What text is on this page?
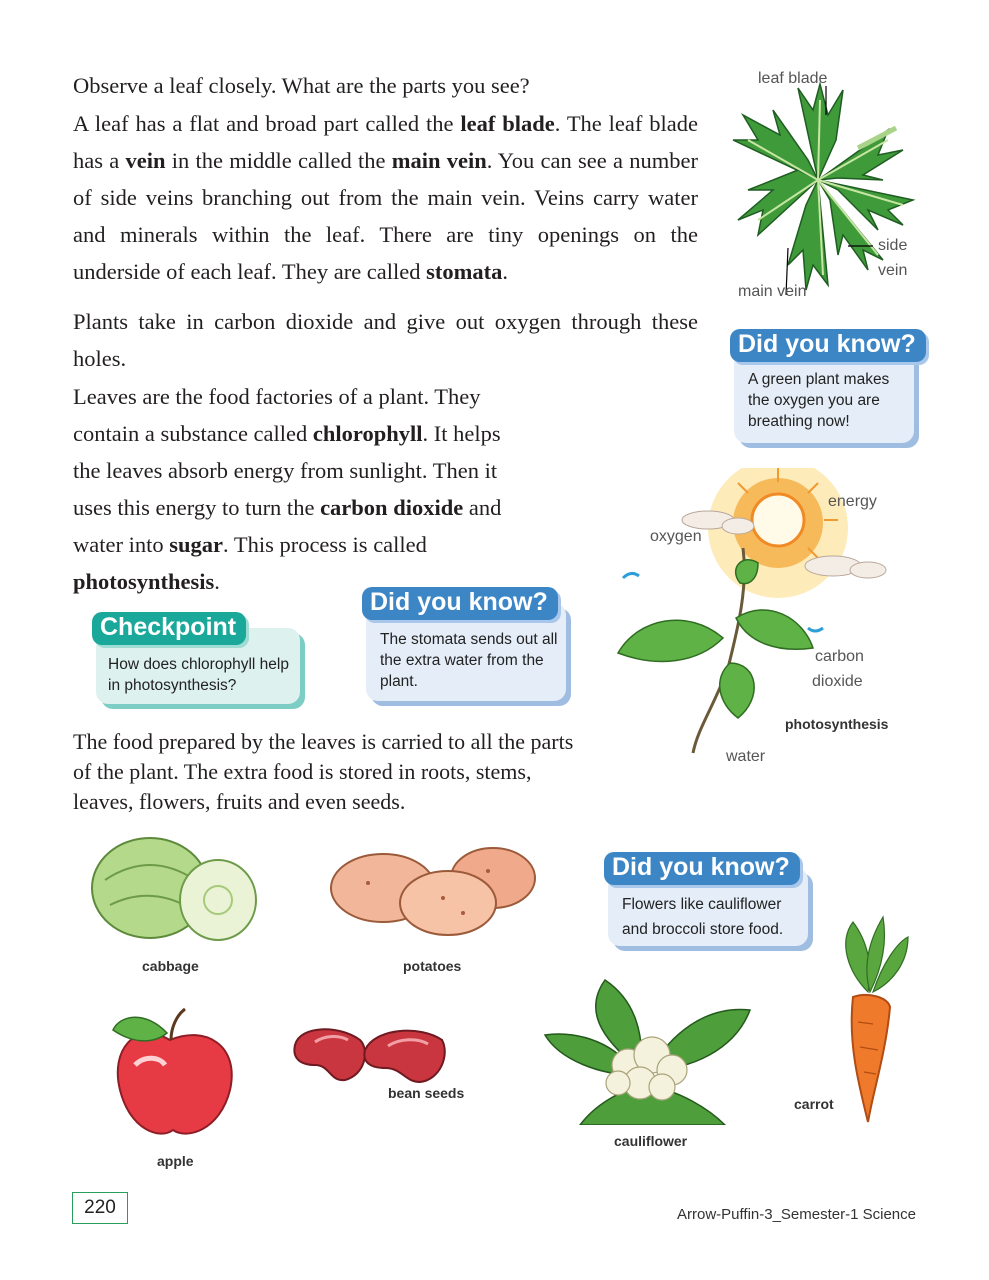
Observe a leaf closely. What are the parts you see?

A leaf has a flat and broad part called the leaf blade. The leaf blade has a vein in the middle called the main vein. You can see a number of side veins branching out from the main vein. Veins carry water and minerals within the leaf. There are tiny openings on the underside of each leaf. They are called stomata.

Plants take in carbon dioxide and give out oxygen through these holes.

Leaves are the food factories of a plant. They contain a substance called chlorophyll. It helps the leaves absorb energy from sunlight. Then it uses this energy to turn the carbon dioxide and water into sugar. This process is called photosynthesis.

leaf blade
main vein
side
vein
Did you know?
A green plant makes the oxygen you are breathing now!
energy
oxygen
carbon
dioxide
water
photosynthesis
Checkpoint
How does chlorophyll help in photosynthesis?
Did you know?
The stomata sends out all the extra water from the plant.

The food prepared by the leaves is carried to all the parts of the plant. The extra food is stored in roots, stems, leaves, flowers, fruits and even seeds.

cabbage	potatoes
Did you know?
Flowers like cauliflower and broccoli store food.
carrot
apple
bean seeds
cauliflower
220	Arrow-Puffin-3_Semester-1 Science
